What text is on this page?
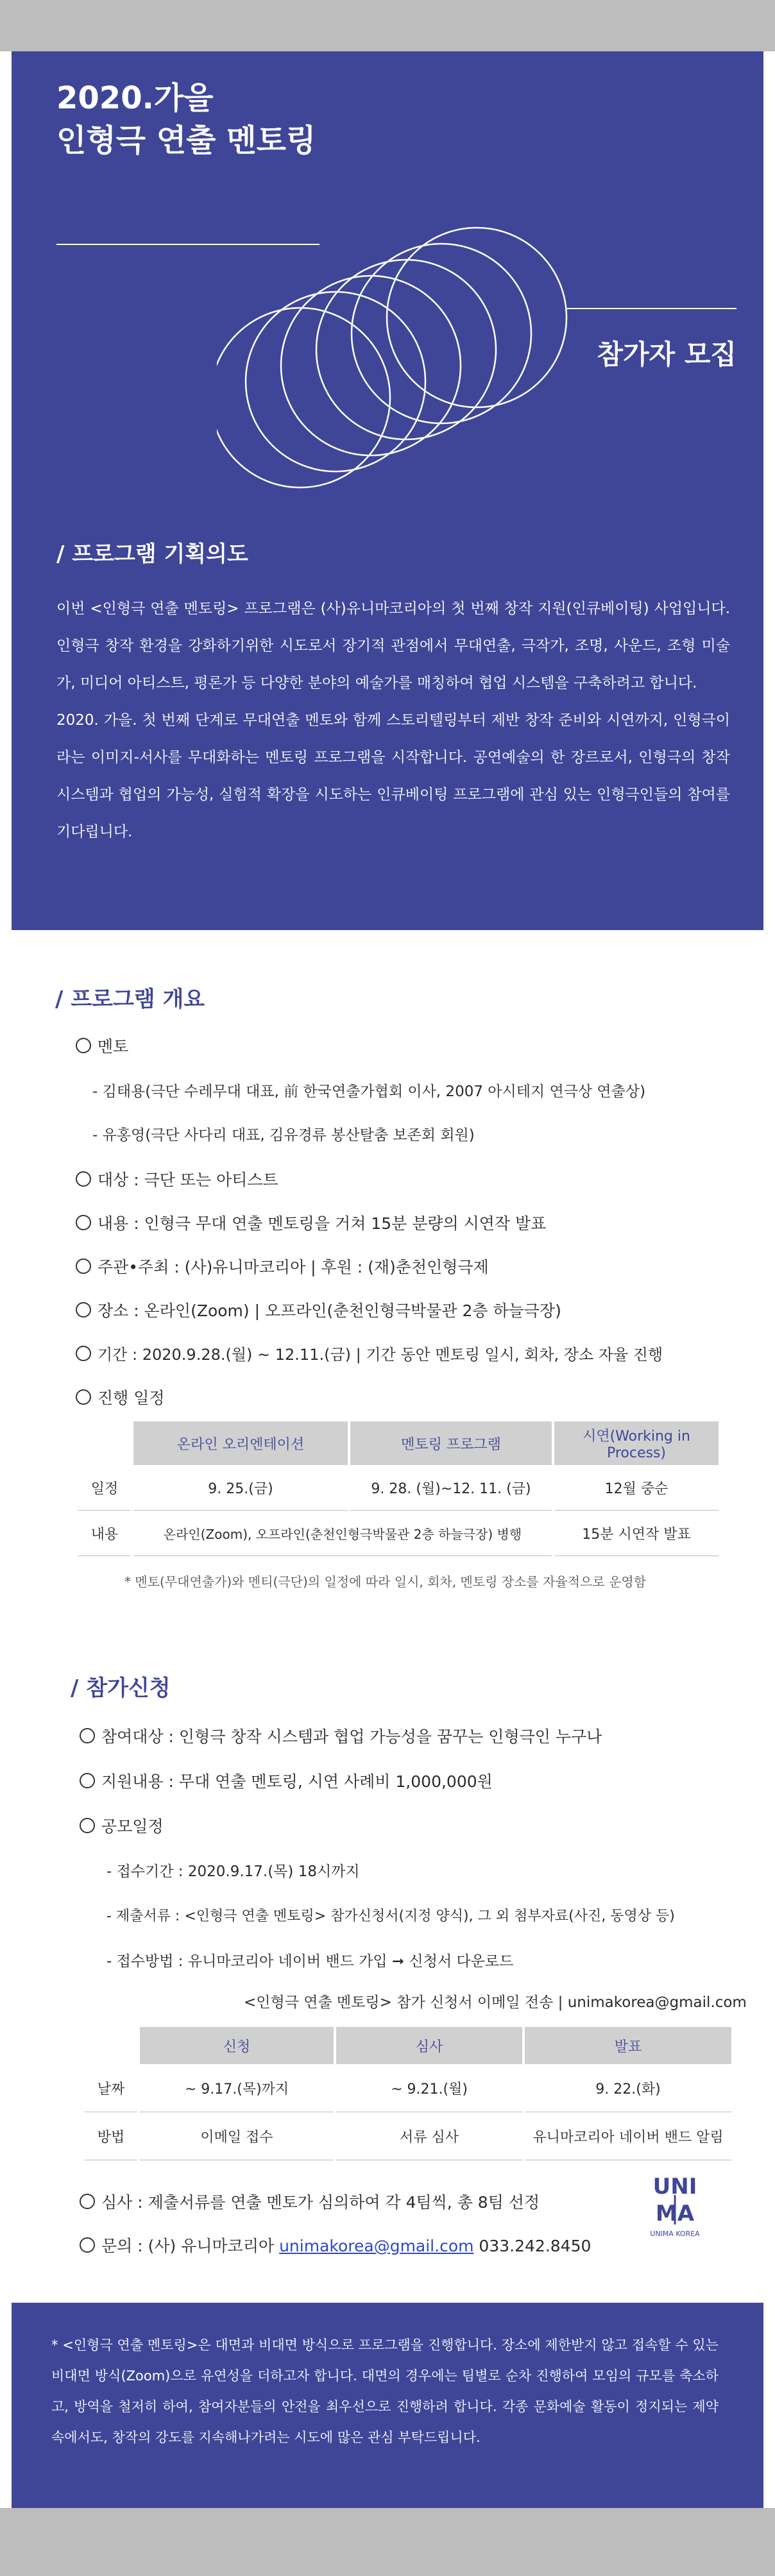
2020.가을
인형극 연출 멘토링
참가자 모집
/ 프로그램 기획의도

이번 <인형극 연출 멘토링> 프로그램은 (사)유니마코리아의 첫 번째 창작 지원(인큐베이팅) 사업입니다. 인형극 창작 환경을 강화하기위한 시도로서 장기적 관점에서 무대연출, 극작가, 조명, 사운드, 조형 미술가, 미디어 아티스트, 평론가 등 다양한 분야의 예술가를 매칭하여 협업 시스템을 구축하려고 합니다.

2020. 가을. 첫 번째 단계로 무대연출 멘토와 함께 스토리텔링부터 제반 창작 준비와 시연까지, 인형극이라는 이미지-서사를 무대화하는 멘토링 프로그램을 시작합니다. 공연예술의 한 장르로서, 인형극의 창작 시스템과 협업의 가능성, 실험적 확장을 시도하는 인큐베이팅 프로그램에 관심 있는 인형극인들의 참여를 기다립니다.

/ 프로그램 개요
멘토
- 김태용(극단 수레무대 대표, 前 한국연출가협회 이사, 2007 아시테지 연극상 연출상)
- 유홍영(극단 사다리 대표, 김유경류 봉산탈춤 보존회 회원)
대상 : 극단 또는 아티스트
내용 : 인형극 무대 연출 멘토링을 거쳐 15분 분량의 시연작 발표
주관•주최 : (사)유니마코리아 | 후원 : (재)춘천인형극제
장소 : 온라인(Zoom) | 오프라인(춘천인형극박물관 2층 하늘극장)
기간 : 2020.9.28.(월) ~ 12.11.(금) | 기간 동안 멘토링 일시, 회차, 장소 자율 진행
진행 일정
	온라인 오리엔테이션	멘토링 프로그램	시연(Working in Process)
일정	9. 25.(금)	9. 28. (월)~12. 11. (금)	12월 중순
내용	온라인(Zoom), 오프라인(춘천인형극박물관 2층 하늘극장) 병행		15분 시연작 발표
* 멘토(무대연출가)와 멘티(극단)의 일정에 따라 일시, 회차, 멘토링 장소를 자율적으로 운영함
/ 참가신청
참여대상 : 인형극 창작 시스템과 협업 가능성을 꿈꾸는 인형극인 누구나
지원내용 : 무대 연출 멘토링, 시연 사례비 1,000,000원
공모일정
- 접수기간 : 2020.9.17.(목) 18시까지
- 제출서류 : <인형극 연출 멘토링> 참가신청서(지정 양식), 그 외 첨부자료(사진, 동영상 등)
- 접수방법 : 유니마코리아 네이버 밴드 가입 ➞ 신청서 다운로드
<인형극 연출 멘토링> 참가 신청서 이메일 전송 | unimakorea@gmail.com
	신청	심사	발표
날짜	~ 9.17.(목)까지	~ 9.21.(월)	9. 22.(화)
방법	이메일 접수	서류 심사	유니마코리아 네이버 밴드 알림
심사 : 제출서류를 연출 멘토가 심의하여 각 4팀씩, 총 8팀 선정
문의 : (사) 유니마코리아 unimakorea@gmail.com 033.242.8450
UNI
MA
UNIMA KOREA

* <인형극 연출 멘토링>은 대면과 비대면 방식으로 프로그램을 진행합니다. 장소에 제한받지 않고 접속할 수 있는 비대면 방식(Zoom)으로 유연성을 더하고자 합니다. 대면의 경우에는 팀별로 순차 진행하여 모임의 규모를 축소하고, 방역을 철저히 하여, 참여자분들의 안전을 최우선으로 진행하려 합니다. 각종 문화예술 활동이 정지되는 제약 속에서도, 창작의 강도를 지속해나가려는 시도에 많은 관심 부탁드립니다.
